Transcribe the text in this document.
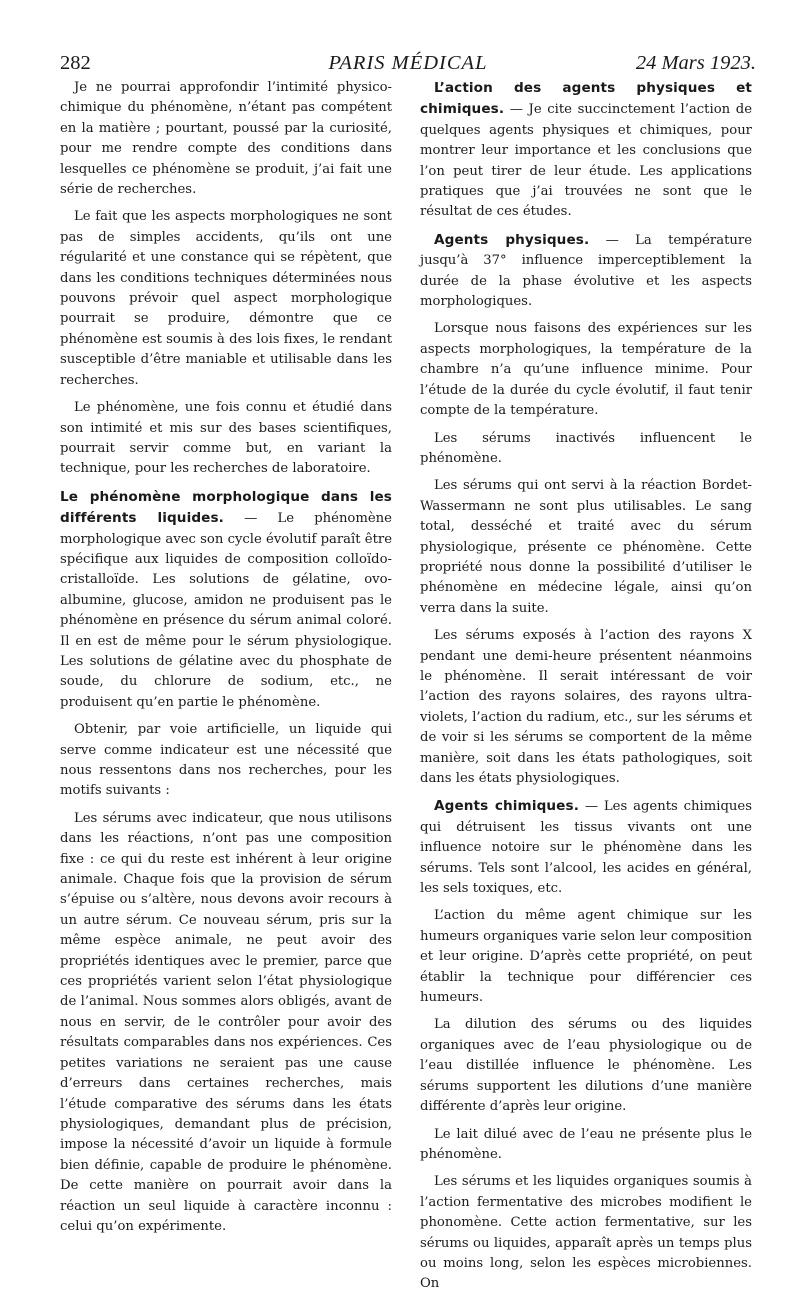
282	PARIS MÉDICAL	24 Mars 1923.

Je ne pourrai approfondir l’intimité physico-chimique du phénomène, n’étant pas compétent en la matière ; pourtant, poussé par la curiosité, pour me rendre compte des conditions dans lesquelles ce phénomène se produit, j’ai fait une série de recherches.

Le fait que les aspects morphologiques ne sont pas de simples accidents, qu’ils ont une régularité et une constance qui se répètent, que dans les conditions techniques déterminées nous pouvons prévoir quel aspect morphologique pourrait se produire, démontre que ce phénomène est soumis à des lois fixes, le rendant susceptible d’être maniable et utilisable dans les recherches.

Le phénomène, une fois connu et étudié dans son intimité et mis sur des bases scientifiques, pourrait servir comme but, en variant la technique, pour les recherches de laboratoire.

Le phénomène morphologique dans les différents liquides. — Le phénomène morphologique avec son cycle évolutif paraît être spécifique aux liquides de composition colloïdo-cristalloïde. Les solutions de gélatine, ovo-albumine, glucose, amidon ne produisent pas le phénomène en présence du sérum animal coloré. Il en est de même pour le sérum physiologique. Les solutions de gélatine avec du phosphate de soude, du chlorure de sodium, etc., ne produisent qu’en partie le phénomène.

Obtenir, par voie artificielle, un liquide qui serve comme indicateur est une nécessité que nous ressentons dans nos recherches, pour les motifs suivants :

Les sérums avec indicateur, que nous utilisons dans les réactions, n’ont pas une composition fixe : ce qui du reste est inhérent à leur origine animale. Chaque fois que la provision de sérum s’épuise ou s’altère, nous devons avoir recours à un autre sérum. Ce nouveau sérum, pris sur la même espèce animale, ne peut avoir des propriétés identiques avec le premier, parce que ces propriétés varient selon l’état physiologique de l’animal. Nous sommes alors obligés, avant de nous en servir, de le contrôler pour avoir des résultats comparables dans nos expériences. Ces petites variations ne seraient pas une cause d’erreurs dans certaines recherches, mais l’étude comparative des sérums dans les états physiologiques, demandant plus de précision, impose la nécessité d’avoir un liquide à formule bien définie, capable de produire le phénomène. De cette manière on pourrait avoir dans la réaction un seul liquide à caractère inconnu : celui qu’on expérimente.

L’action des agents physiques et chimiques. — Je cite succinctement l’action de quelques agents physiques et chimiques, pour montrer leur importance et les conclusions que l’on peut tirer de leur étude. Les applications pratiques que j’ai trouvées ne sont que le résultat de ces études.

Agents physiques. — La température jusqu’à 37° influence imperceptiblement la durée de la phase évolutive et les aspects morphologiques.

Lorsque nous faisons des expériences sur les aspects morphologiques, la température de la chambre n’a qu’une influence minime. Pour l’étude de la durée du cycle évolutif, il faut tenir compte de la température.

Les sérums inactivés influencent le phénomène.

Les sérums qui ont servi à la réaction Bordet-Wassermann ne sont plus utilisables. Le sang total, desséché et traité avec du sérum physiologique, présente ce phénomène. Cette propriété nous donne la possibilité d’utiliser le phénomène en médecine légale, ainsi qu’on verra dans la suite.

Les sérums exposés à l’action des rayons X pendant une demi-heure présentent néanmoins le phénomène. Il serait intéressant de voir l’action des rayons solaires, des rayons ultra-violets, l’action du radium, etc., sur les sérums et de voir si les sérums se comportent de la même manière, soit dans les états pathologiques, soit dans les états physiologiques.

Agents chimiques. — Les agents chimiques qui détruisent les tissus vivants ont une influence notoire sur le phénomène dans les sérums. Tels sont l’alcool, les acides en général, les sels toxiques, etc.

L’action du même agent chimique sur les humeurs organiques varie selon leur composition et leur origine. D’après cette propriété, on peut établir la technique pour différencier ces humeurs.

La dilution des sérums ou des liquides organiques avec de l’eau physiologique ou de l’eau distillée influence le phénomène. Les sérums supportent les dilutions d’une manière différente d’après leur origine.

Le lait dilué avec de l’eau ne présente plus le phénomène.

Les sérums et les liquides organiques soumis à l’action fermentative des microbes modifient le phonomène. Cette action fermentative, sur les sérums ou liquides, apparaît après un temps plus ou moins long, selon les espèces microbiennes. On
